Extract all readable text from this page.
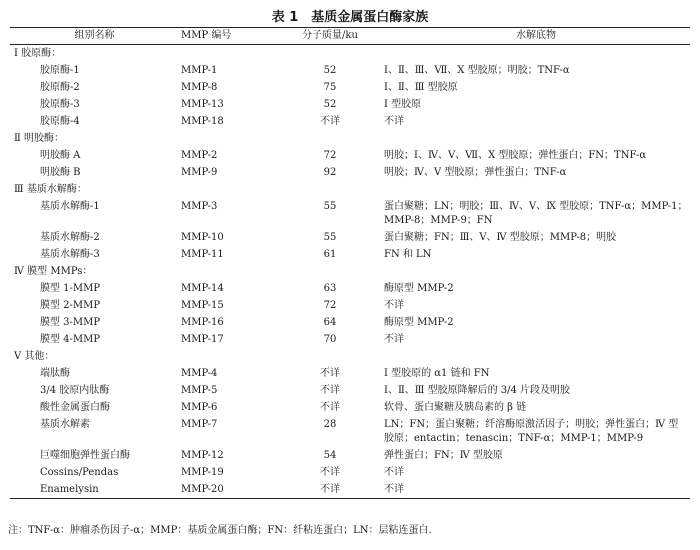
表 1　基质金属蛋白酶家族
组别名称	MMP 编号	分子质量/ku	水解底物
Ⅰ 胶原酶：			
胶原酶-1	MMP-1	52	Ⅰ、Ⅱ、Ⅲ、Ⅶ、Ⅹ 型胶原；明胶；TNF-α
胶原酶-2	MMP-8	75	Ⅰ、Ⅱ、Ⅲ 型胶原
胶原酶-3	MMP-13	52	Ⅰ 型胶原
胶原酶-4	MMP-18	不详	不详
Ⅱ 明胶酶：			
明胶酶 A	MMP-2	72	明胶；Ⅰ、Ⅳ、Ⅴ、Ⅶ、Ⅹ 型胶原；弹性蛋白；FN；TNF-α
明胶酶 B	MMP-9	92	明胶；Ⅳ、Ⅴ 型胶原；弹性蛋白；TNF-α
Ⅲ 基质水解酶：			
基质水解酶-1	MMP-3	55	蛋白聚糖；LN；明胶；Ⅲ、Ⅳ、Ⅴ、Ⅸ 型胶原；TNF-α；MMP-1；MMP-8；MMP-9；FN
基质水解酶-2	MMP-10	55	蛋白聚糖；FN；Ⅲ、Ⅴ、Ⅳ 型胶原；MMP-8；明胶
基质水解酶-3	MMP-11	61	FN 和 LN
Ⅳ 膜型 MMPs：			
膜型 1-MMP	MMP-14	63	酶原型 MMP-2
膜型 2-MMP	MMP-15	72	不详
膜型 3-MMP	MMP-16	64	酶原型 MMP-2
膜型 4-MMP	MMP-17	70	不详
Ⅴ 其他：			
端肽酶	MMP-4	不详	Ⅰ 型胶原的 α1 链和 FN
3/4 胶原内肽酶	MMP-5	不详	Ⅰ、Ⅱ、Ⅲ 型胶原降解后的 3/4 片段及明胶
酸性金属蛋白酶	MMP-6	不详	软骨、蛋白聚糖及胰岛素的 β 链
基质水解素	MMP-7	28	LN；FN；蛋白聚糖；纤溶酶原激活因子；明胶；弹性蛋白；Ⅳ 型胶原；entactin；tenascin；TNF-α；MMP-1；MMP-9
巨噬细胞弹性蛋白酶	MMP-12	54	弹性蛋白；FN；Ⅳ 型胶原
Cossins/Pendas	MMP-19	不详	不详
Enamelysin	MMP-20	不详	不详
注：TNF-α：肿瘤杀伤因子-α；MMP：基质金属蛋白酶；FN：纤粘连蛋白；LN：层粘连蛋白.
